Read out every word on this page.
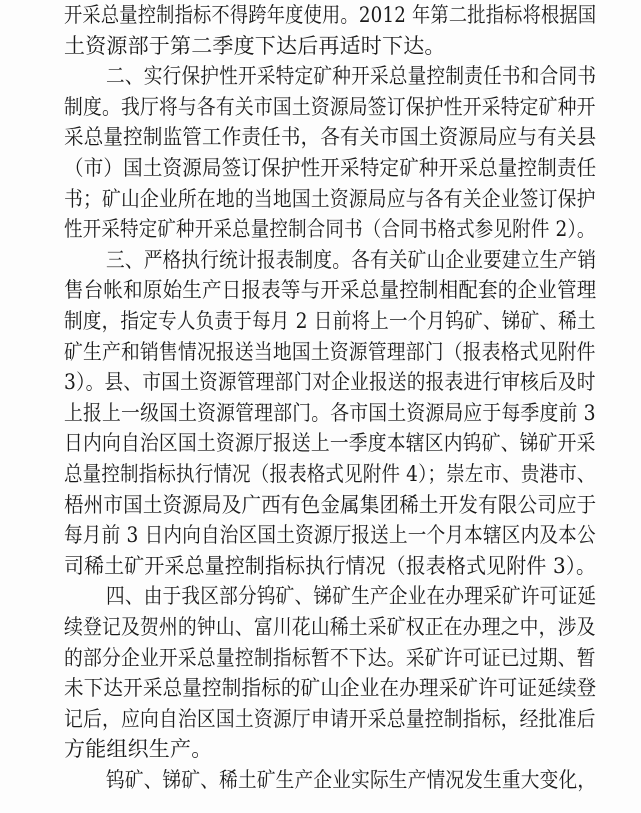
开采总量控制指标不得跨年度使用。2012 年第二批指标将根据国
土资源部于第二季度下达后再适时下达。
二、实行保护性开采特定矿种开采总量控制责任书和合同书
制度。我厅将与各有关市国土资源局签订保护性开采特定矿种开
采总量控制监管工作责任书，各有关市国土资源局应与有关县
（市）国土资源局签订保护性开采特定矿种开采总量控制责任
书；矿山企业所在地的当地国土资源局应与各有关企业签订保护
性开采特定矿种开采总量控制合同书（合同书格式参见附件 2）。
三、严格执行统计报表制度。各有关矿山企业要建立生产销
售台帐和原始生产日报表等与开采总量控制相配套的企业管理
制度，指定专人负责于每月 2 日前将上一个月钨矿、锑矿、稀土
矿生产和销售情况报送当地国土资源管理部门（报表格式见附件
3）。县、市国土资源管理部门对企业报送的报表进行审核后及时
上报上一级国土资源管理部门。各市国土资源局应于每季度前 3
日内向自治区国土资源厅报送上一季度本辖区内钨矿、锑矿开采
总量控制指标执行情况（报表格式见附件 4）；崇左市、贵港市、
梧州市国土资源局及广西有色金属集团稀土开发有限公司应于
每月前 3 日内向自治区国土资源厅报送上一个月本辖区内及本公
司稀土矿开采总量控制指标执行情况（报表格式见附件 3）。
四、由于我区部分钨矿、锑矿生产企业在办理采矿许可证延
续登记及贺州的钟山、富川花山稀土采矿权正在办理之中，涉及
的部分企业开采总量控制指标暂不下达。采矿许可证已过期、暂
未下达开采总量控制指标的矿山企业在办理采矿许可证延续登
记后，应向自治区国土资源厅申请开采总量控制指标，经批准后
方能组织生产。
钨矿、锑矿、稀土矿生产企业实际生产情况发生重大变化，
